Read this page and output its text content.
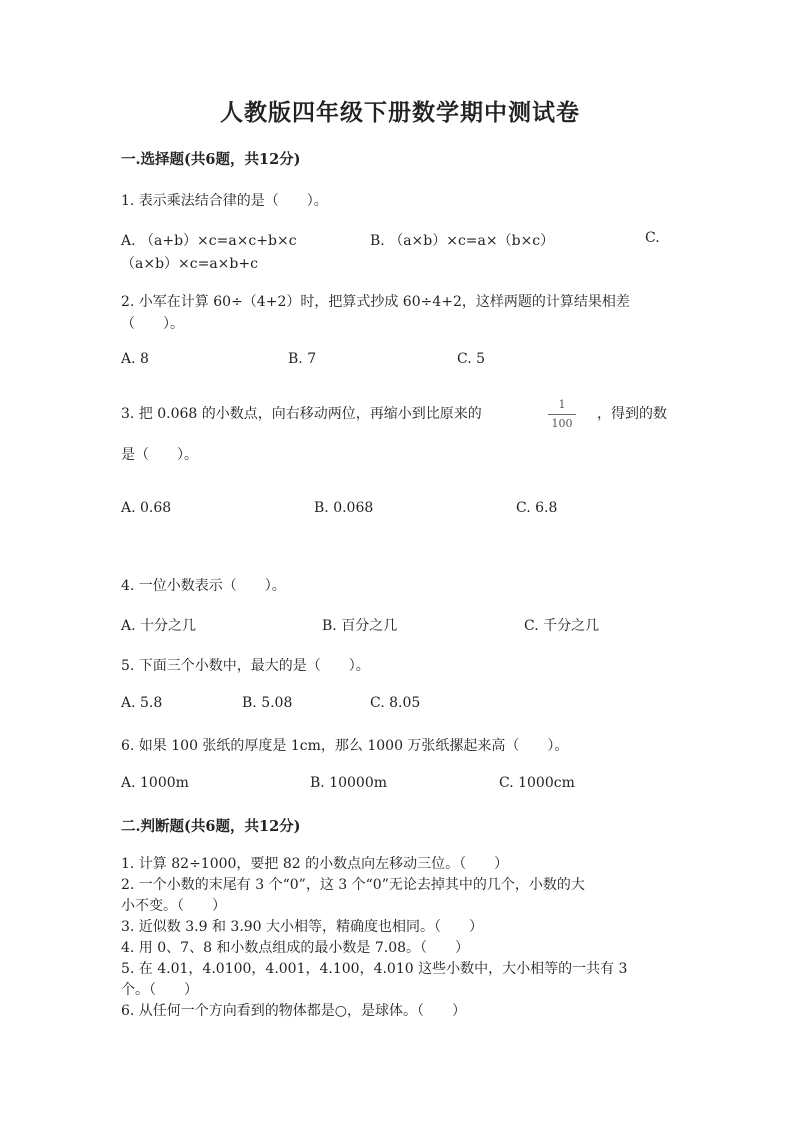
人教版四年级下册数学期中测试卷
一.选择题(共6题，共12分)
1. 表示乘法结合律的是（　　）。
A. （a+b）×c=a×c+b×c	B. （a×b）×c=a×（b×c）	C.
（a×b）×c=a×b+c
2. 小军在计算 60÷（4+2）时，把算式抄成 60÷4+2，这样两题的计算结果相差
（　　）。
A. 8	B. 7	C. 5
3. 把 0.068 的小数点，向右移动两位，再缩小到比原来的
1
100
，得到的数
是（　　）。
A. 0.68	B. 0.068	C. 6.8
4. 一位小数表示（　　）。
A. 十分之几	B. 百分之几	C. 千分之几
5. 下面三个小数中，最大的是（　　）。
A. 5.8	B. 5.08	C. 8.05
6. 如果 100 张纸的厚度是 1cm，那么 1000 万张纸摞起来高（　　）。
A. 1000m	B. 10000m	C. 1000cm
二.判断题(共6题，共12分)
1. 计算 82÷1000，要把 82 的小数点向左移动三位。（　　）
2. 一个小数的末尾有 3 个“0”，这 3 个“0”无论去掉其中的几个，小数的大
小不变。（　　）
3. 近似数 3.9 和 3.90 大小相等，精确度也相同。（　　）
4. 用 0、7、8 和小数点组成的最小数是 7.08。（　　）
5. 在 4.01，4.0100，4.001，4.100，4.010 这些小数中，大小相等的一共有 3
个。（　　）
6. 从任何一个方向看到的物体都是○，是球体。（　　）
